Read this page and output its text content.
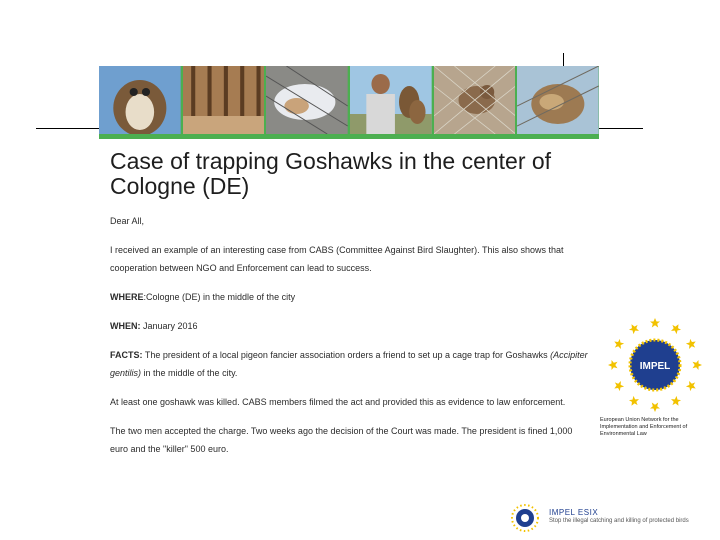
Case of trapping Goshawks in the center of Cologne (DE)

Dear All,

I received an example of an interesting case from CABS (Committee Against Bird Slaughter). This also shows that cooperation between NGO and Enforcement can lead to success.

WHERE:Cologne (DE) in the middle of the city

WHEN: January 2016

FACTS: The president of a local pigeon fancier association orders a friend to set up a cage trap for Goshawks (Accipiter gentilis) in the middle of the city.

At least one goshawk was killed. CABS members filmed the act and provided this as evidence to law enforcement.

The two men accepted the charge. Two weeks ago the decision of the Court was made. The president is fined 1,000 euro and the "killer" 500 euro.

IMPEL
European Union Network for the Implementation and Enforcement of Environmental Law
IMPEL ESIX
Stop the illegal catching and killing of protected birds
